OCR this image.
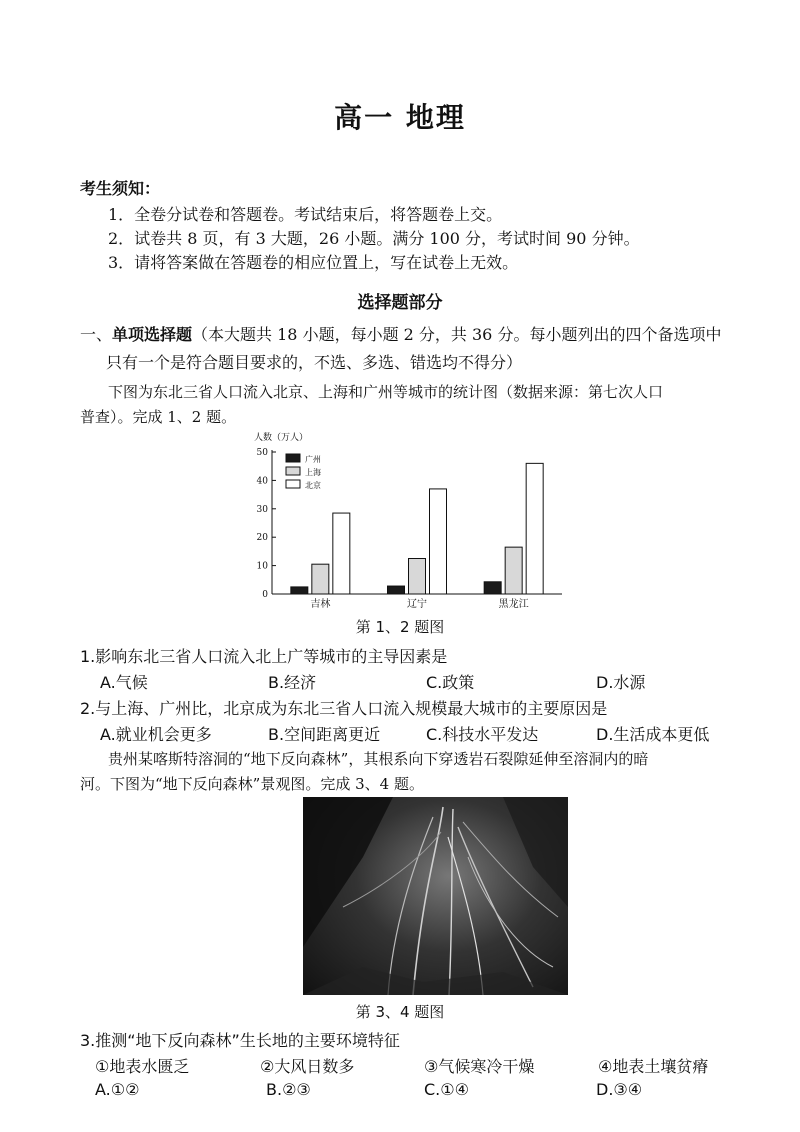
高一 地理
考生须知：
1．全卷分试卷和答题卷。考试结束后，将答题卷上交。
2．试卷共 8 页，有 3 大题，26 小题。满分 100 分，考试时间 90 分钟。
3．请将答案做在答题卷的相应位置上，写在试卷上无效。
选择题部分
一、单项选择题（本大题共 18 小题，每小题 2 分，共 36 分。每小题列出的四个备选项中
只有一个是符合题目要求的，不选、多选、错选均不得分）
下图为东北三省人口流入北京、上海和广州等城市的统计图（数据来源：第七次人口
普查）。完成 1、2 题。
人数（万人）
0
10
20
30
40
50
吉林	辽宁	黑龙江
广州
上海
北京
第 1、2 题图
1.影响东北三省人口流入北上广等城市的主导因素是
A.气候	B.经济	C.政策	D.水源
2.与上海、广州比，北京成为东北三省人口流入规模最大城市的主要原因是
A.就业机会更多	B.空间距离更近	C.科技水平发达	D.生活成本更低
贵州某喀斯特溶洞的“地下反向森林”，其根系向下穿透岩石裂隙延伸至溶洞内的暗
河。下图为“地下反向森林”景观图。完成 3、4 题。
第 3、4 题图
3.推测“地下反向森林”生长地的主要环境特征
①地表水匮乏	②大风日数多	③气候寒冷干燥	④地表土壤贫瘠
A.①②	B.②③	C.①④	D.③④
